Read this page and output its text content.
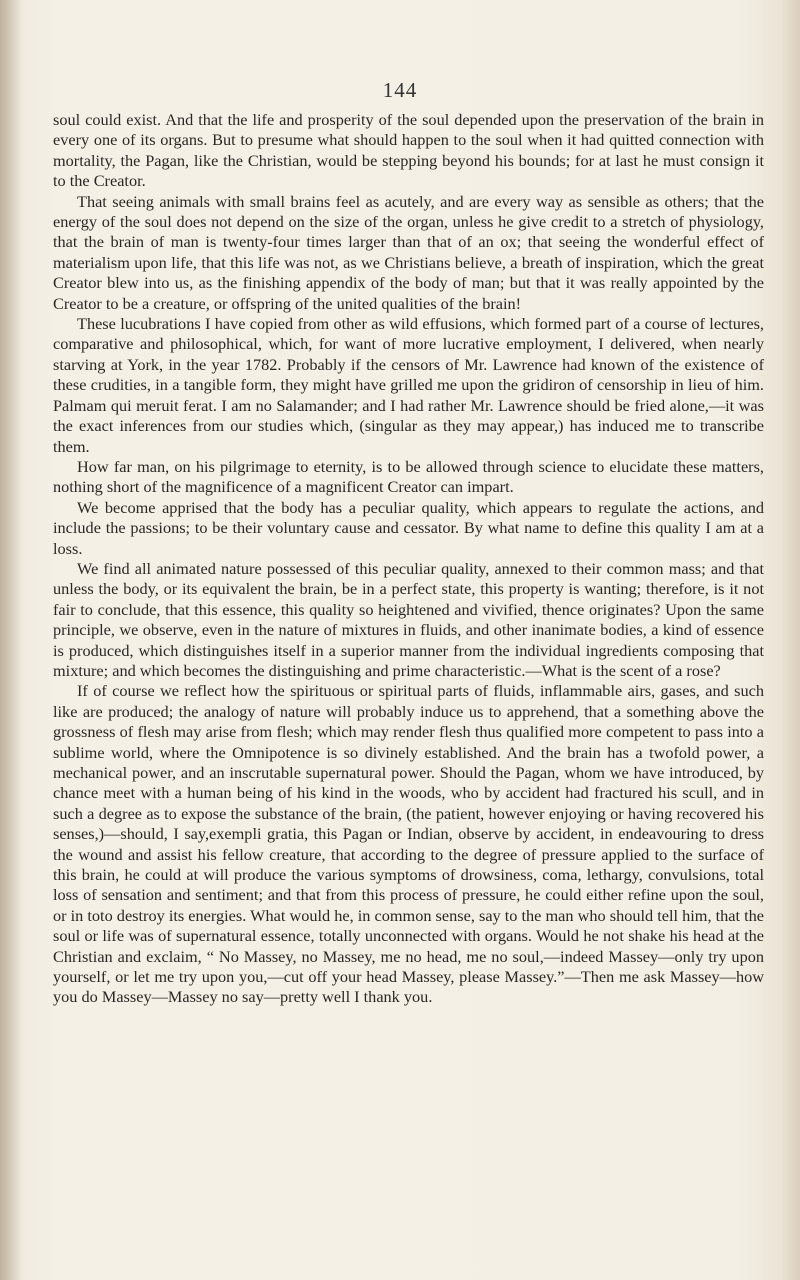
144

soul could exist. And that the life and prosperity of the soul depended upon the preservation of the brain in every one of its organs. But to presume what should happen to the soul when it had quitted connection with mortality, the Pagan, like the Christian, would be stepping beyond his bounds; for at last he must consign it to the Creator.

That seeing animals with small brains feel as acutely, and are every way as sensible as others; that the energy of the soul does not depend on the size of the organ, unless he give credit to a stretch of physiology, that the brain of man is twenty-four times larger than that of an ox; that seeing the wonderful effect of materialism upon life, that this life was not, as we Christians believe, a breath of inspiration, which the great Creator blew into us, as the finishing appendix of the body of man; but that it was really appointed by the Creator to be a creature, or offspring of the united qualities of the brain!

These lucubrations I have copied from other as wild effusions, which formed part of a course of lectures, comparative and philosophical, which, for want of more lucrative employment, I delivered, when nearly starving at York, in the year 1782. Probably if the censors of Mr. Lawrence had known of the existence of these crudities, in a tangible form, they might have grilled me upon the gridiron of censorship in lieu of him. Palmam qui meruit ferat. I am no Salamander; and I had rather Mr. Lawrence should be fried alone,—it was the exact inferences from our studies which, (singular as they may appear,) has induced me to transcribe them.

How far man, on his pilgrimage to eternity, is to be allowed through science to elucidate these matters, nothing short of the magnificence of a magnificent Creator can impart.

We become apprised that the body has a peculiar quality, which appears to regulate the actions, and include the passions; to be their voluntary cause and cessator. By what name to define this quality I am at a loss.

We find all animated nature possessed of this peculiar quality, annexed to their common mass; and that unless the body, or its equivalent the brain, be in a perfect state, this property is wanting; therefore, is it not fair to conclude, that this essence, this quality so heightened and vivified, thence originates? Upon the same principle, we observe, even in the nature of mixtures in fluids, and other inanimate bodies, a kind of essence is produced, which distinguishes itself in a superior manner from the individual ingredients composing that mixture; and which becomes the distinguishing and prime characteristic.—What is the scent of a rose?

If of course we reflect how the spirituous or spiritual parts of fluids, inflammable airs, gases, and such like are produced; the analogy of nature will probably induce us to apprehend, that a something above the grossness of flesh may arise from flesh; which may render flesh thus qualified more competent to pass into a sublime world, where the Omnipotence is so divinely established. And the brain has a twofold power, a mechanical power, and an inscrutable supernatural power. Should the Pagan, whom we have introduced, by chance meet with a human being of his kind in the woods, who by accident had fractured his scull, and in such a degree as to expose the substance of the brain, (the patient, however enjoying or having recovered his senses,)—should, I say,exempli gratia, this Pagan or Indian, observe by accident, in endeavouring to dress the wound and assist his fellow creature, that according to the degree of pressure applied to the surface of this brain, he could at will produce the various symptoms of drowsiness, coma, lethargy, convulsions, total loss of sensation and sentiment; and that from this process of pressure, he could either refine upon the soul, or in toto destroy its energies. What would he, in common sense, say to the man who should tell him, that the soul or life was of supernatural essence, totally unconnected with organs. Would he not shake his head at the Christian and exclaim, “ No Massey, no Massey, me no head, me no soul,—indeed Massey—only try upon yourself, or let me try upon you,—cut off your head Massey, please Massey.”—Then me ask Massey—how you do Massey—Massey no say—pretty well I thank you.
